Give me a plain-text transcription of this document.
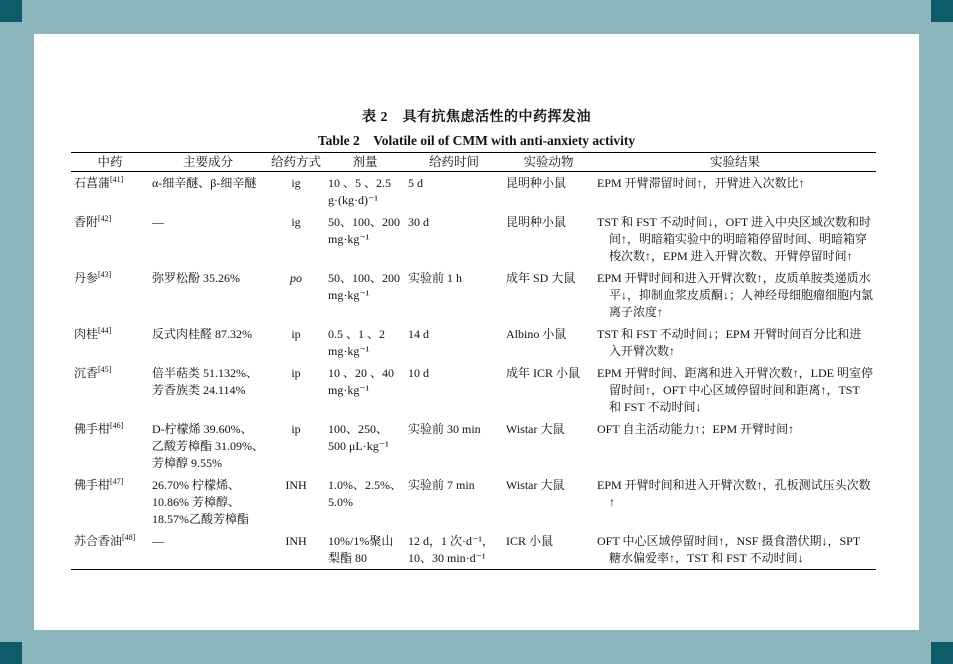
表 2　具有抗焦虑活性的中药挥发油
Table 2　Volatile oil of CMM with anti-anxiety activity
中药	主要成分	给药方式	剂量	给药时间	实验动物	实验结果
石菖蒲[41]	α-细辛醚、β-细辛醚	ig	10 、5 、2.5 g·(kg·d)⁻¹	5 d	昆明种小鼠	EPM 开臂滞留时间↑，开臂进入次数比↑
香附[42]	—	ig	50、100、200 mg·kg⁻¹	30 d	昆明种小鼠	TST 和 FST 不动时间↓，OFT 进入中央区域次数和时间↑，明暗箱实验中的明暗箱停留时间、明暗箱穿梭次数↑，EPM 进入开臂次数、开臂停留时间↑
丹参[43]	弥罗松酚 35.26%	po	50、100、200 mg·kg⁻¹	实验前 1 h	成年 SD 大鼠	EPM 开臂时间和进入开臂次数↑，皮质单胺类递质水平↓，抑制血浆皮质酮↓；人神经母细胞瘤细胞内氯离子浓度↑
肉桂[44]	反式肉桂醛 87.32%	ip	0.5 、1 、2 mg·kg⁻¹	14 d	Albino 小鼠	TST 和 FST 不动时间↓；EPM 开臂时间百分比和进入开臂次数↑
沉香[45]	倍半萜类 51.132%、芳香族类 24.114%	ip	10 、20 、40 mg·kg⁻¹	10 d	成年 ICR 小鼠	EPM 开臂时间、距离和进入开臂次数↑，LDE 明室停留时间↑，OFT 中心区域停留时间和距离↑，TST 和 FST 不动时间↓
佛手柑[46]	D-柠檬烯 39.60%、乙酸芳樟酯 31.09%、芳樟醇 9.55%	ip	100、250、500 μL·kg⁻¹	实验前 30 min	Wistar 大鼠	OFT 自主活动能力↑；EPM 开臂时间↑
佛手柑[47]	26.70% 柠檬烯、10.86% 芳樟醇、18.57%乙酸芳樟酯	INH	1.0%、2.5%、5.0%	实验前 7 min	Wistar 大鼠	EPM 开臂时间和进入开臂次数↑，孔板测试压头次数↑
苏合香油[48]	—	INH	10%/1%聚山梨酯 80	12 d，1 次·d⁻¹，10、30 min·d⁻¹	ICR 小鼠	OFT 中心区域停留时间↑，NSF 摄食潜伏期↓，SPT 糖水偏爱率↑，TST 和 FST 不动时间↓
